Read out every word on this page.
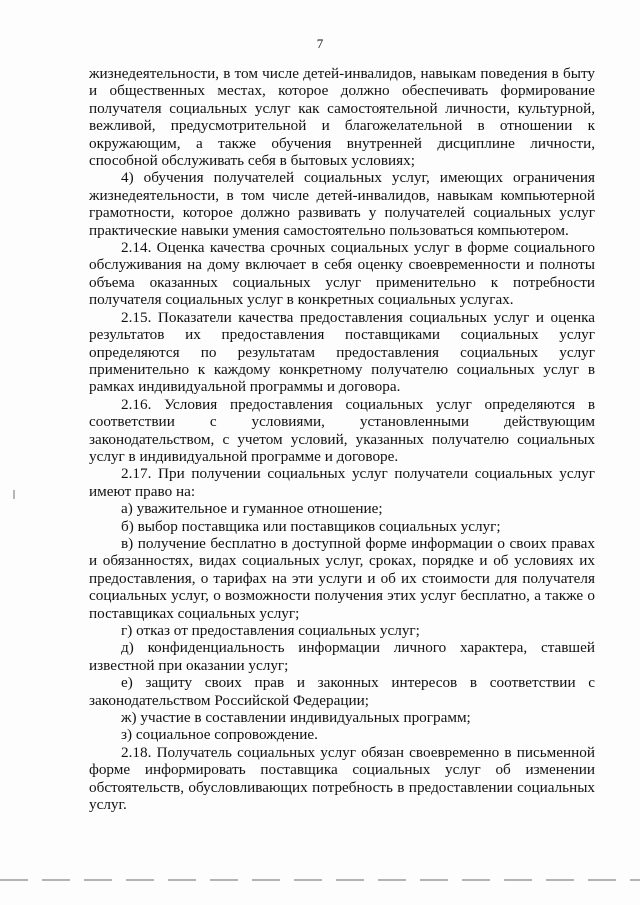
7

жизнедеятельности, в том числе детей-инвалидов, навыкам поведения в быту и общественных местах, которое должно обеспечивать формирование получателя социальных услуг как самостоятельной личности, культурной, вежливой, предусмотрительной и благожелательной в отношении к окружающим, а также обучения внутренней дисциплине личности, способной обслуживать себя в бытовых условиях;

4) обучения получателей социальных услуг, имеющих ограничения жизнедеятельности, в том числе детей-инвалидов, навыкам компьютерной грамотности, которое должно развивать у получателей социальных услуг практические навыки умения самостоятельно пользоваться компьютером.

2.14. Оценка качества срочных социальных услуг в форме социального обслуживания на дому включает в себя оценку своевременности и полноты объема оказанных социальных услуг применительно к потребности получателя социальных услуг в конкретных социальных услугах.

2.15. Показатели качества предоставления социальных услуг и оценка результатов их предоставления поставщиками социальных услуг определяются по результатам предоставления социальных услуг применительно к каждому конкретному получателю социальных услуг в рамках индивидуальной программы и договора.

2.16. Условия предоставления социальных услуг определяются в соответствии с условиями, установленными действующим законодательством, с учетом условий, указанных получателю социальных услуг в индивидуальной программе и договоре.

2.17. При получении социальных услуг получатели социальных услуг имеют право на:

а) уважительное и гуманное отношение;

б) выбор поставщика или поставщиков социальных услуг;

в) получение бесплатно в доступной форме информации о своих правах и обязанностях, видах социальных услуг, сроках, порядке и об условиях их предоставления, о тарифах на эти услуги и об их стоимости для получателя социальных услуг, о возможности получения этих услуг бесплатно, а также о поставщиках социальных услуг;

г) отказ от предоставления социальных услуг;

д) конфиденциальность информации личного характера, ставшей известной при оказании услуг;

е) защиту своих прав и законных интересов в соответствии с законодательством Российской Федерации;

ж) участие в составлении индивидуальных программ;

з) социальное сопровождение.

2.18. Получатель социальных услуг обязан своевременно в письменной форме информировать поставщика социальных услуг об изменении обстоятельств, обусловливающих потребность в предоставлении социальных услуг.
